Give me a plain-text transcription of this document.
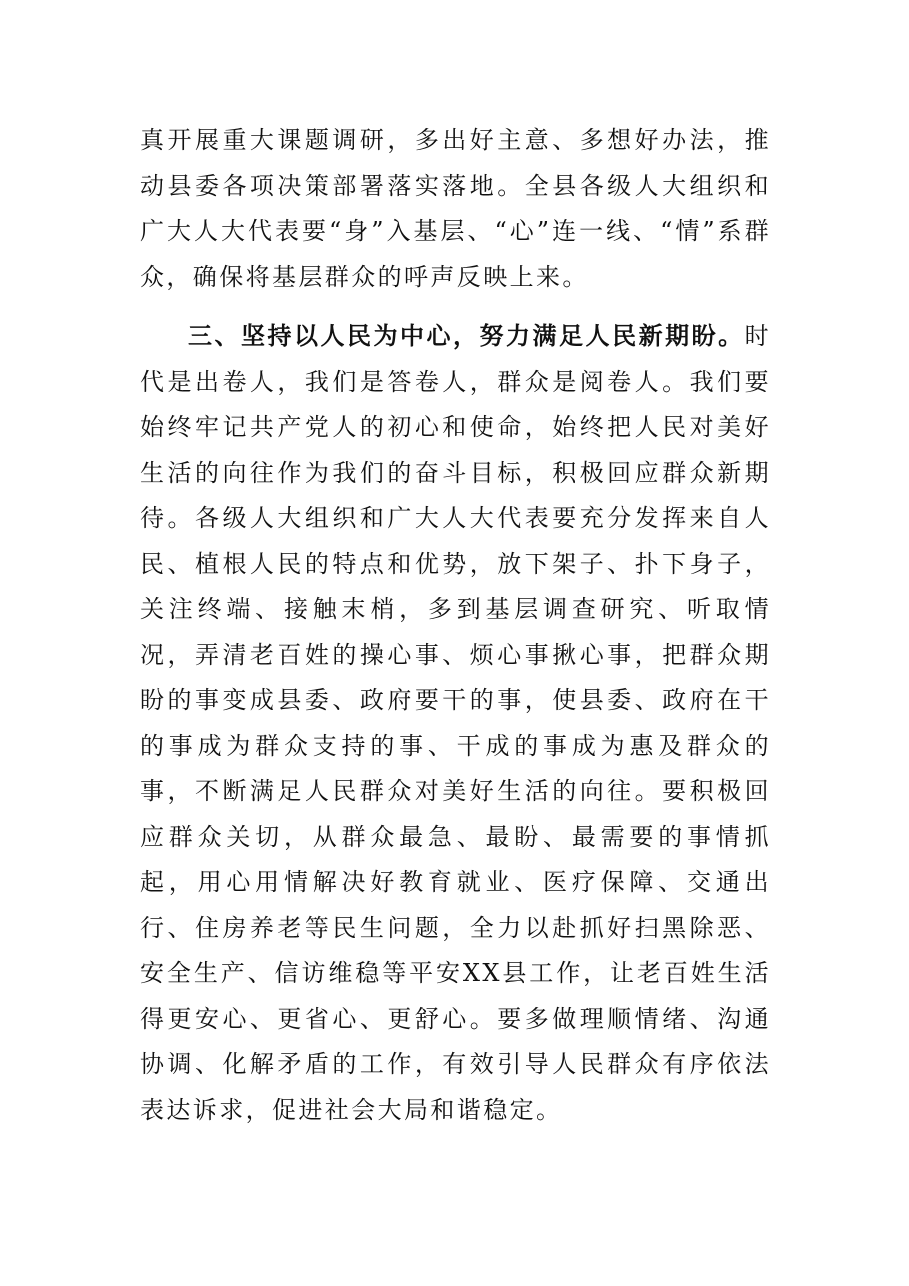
真开展重大课题调研，多出好主意、多想好办法，推动县委各项决策部署落实落地。全县各级人大组织和广大人大代表要“身”入基层、“心”连一线、“情”系群众，确保将基层群众的呼声反映上来。

三、坚持以人民为中心，努力满足人民新期盼。时代是出卷人，我们是答卷人，群众是阅卷人。我们要始终牢记共产党人的初心和使命，始终把人民对美好生活的向往作为我们的奋斗目标，积极回应群众新期待。各级人大组织和广大人大代表要充分发挥来自人民、植根人民的特点和优势，放下架子、扑下身子，关注终端、接触末梢，多到基层调查研究、听取情况，弄清老百姓的操心事、烦心事揪心事，把群众期盼的事变成县委、政府要干的事，使县委、政府在干的事成为群众支持的事、干成的事成为惠及群众的事，不断满足人民群众对美好生活的向往。要积极回应群众关切，从群众最急、最盼、最需要的事情抓起，用心用情解决好教育就业、医疗保障、交通出行、住房养老等民生问题，全力以赴抓好扫黑除恶、安全生产、信访维稳等平安XX县工作，让老百姓生活得更安心、更省心、更舒心。要多做理顺情绪、沟通协调、化解矛盾的工作，有效引导人民群众有序依法表达诉求，促进社会大局和谐稳定。
